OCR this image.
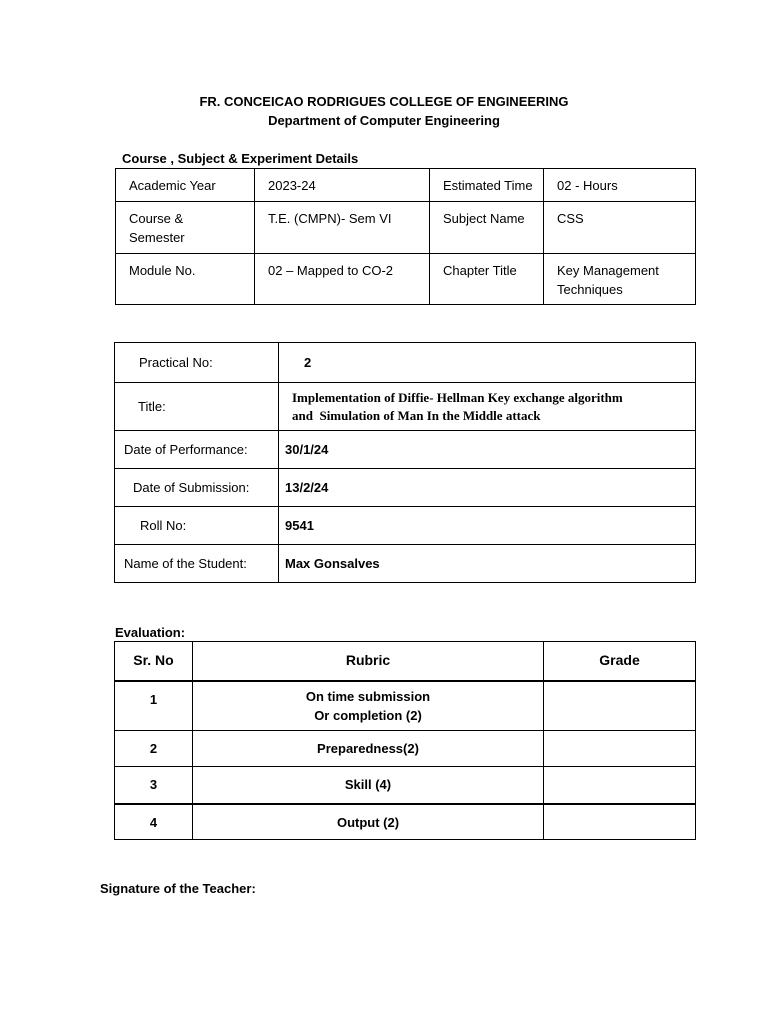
FR. CONCEICAO RODRIGUES COLLEGE OF ENGINEERING
Department of Computer Engineering
Course , Subject & Experiment Details
Academic Year	2023-24	Estimated Time	02 - Hours
Course & Semester	T.E. (CMPN)- Sem VI	Subject Name	CSS
Module No.	02 – Mapped to CO-2	Chapter Title	Key Management Techniques
Practical No:	2
Title:	Implementation of Diffie- Hellman Key exchange algorithm
and  Simulation of Man In the Middle attack

Date of Performance:	30/1/24
Date of Submission:	13/2/24
Roll No:	9541
Name of the Student:	Max Gonsalves
Evaluation:
Sr. No	Rubric	Grade
1	On time submission
Or completion (2)	

2	Preparedness(2)	
3	Skill (4)	
4	Output (2)	
Signature of the Teacher:
